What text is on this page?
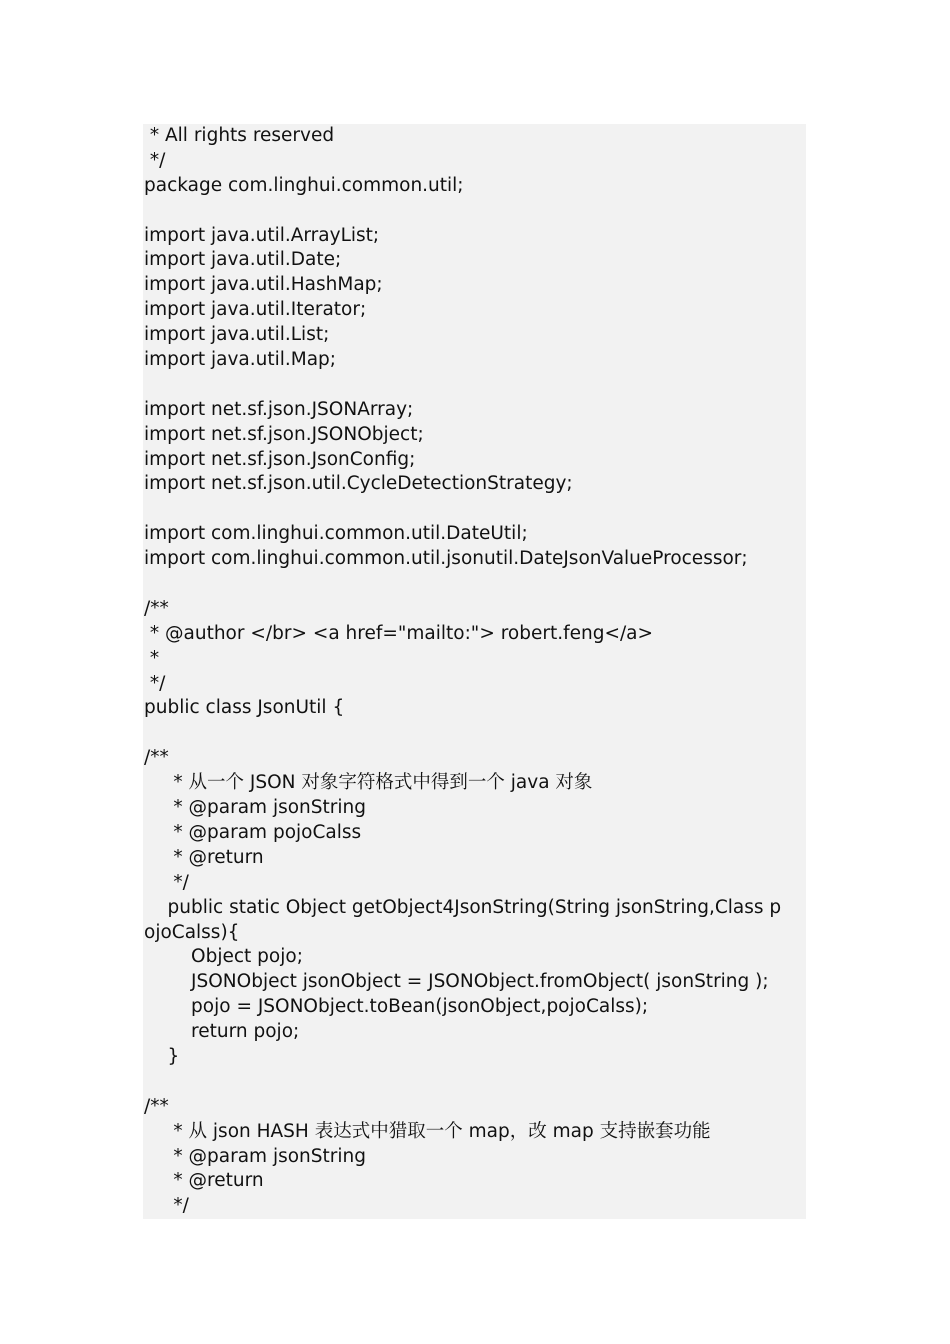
* All rights reserved
*/
package com.linghui.common.util;
import java.util.ArrayList;
import java.util.Date;
import java.util.HashMap;
import java.util.Iterator;
import java.util.List;
import java.util.Map;
import net.sf.json.JSONArray;
import net.sf.json.JSONObject;
import net.sf.json.JsonConfig;
import net.sf.json.util.CycleDetectionStrategy;
import com.linghui.common.util.DateUtil;
import com.linghui.common.util.jsonutil.DateJsonValueProcessor;
/**
* @author </br> <a href="mailto:"> robert.feng</a>
*
*/
public class JsonUtil {
/**
* 从一个 JSON 对象字符格式中得到一个 java 对象
* @param jsonString
* @param pojoCalss
* @return
*/
public static Object getObject4JsonString(String jsonString,Class p
ojoCalss){
Object pojo;
JSONObject jsonObject = JSONObject.fromObject( jsonString );
pojo = JSONObject.toBean(jsonObject,pojoCalss);
return pojo;
}
/**
* 从 json HASH 表达式中猎取一个 map，改 map 支持嵌套功能
* @param jsonString
* @return
*/
